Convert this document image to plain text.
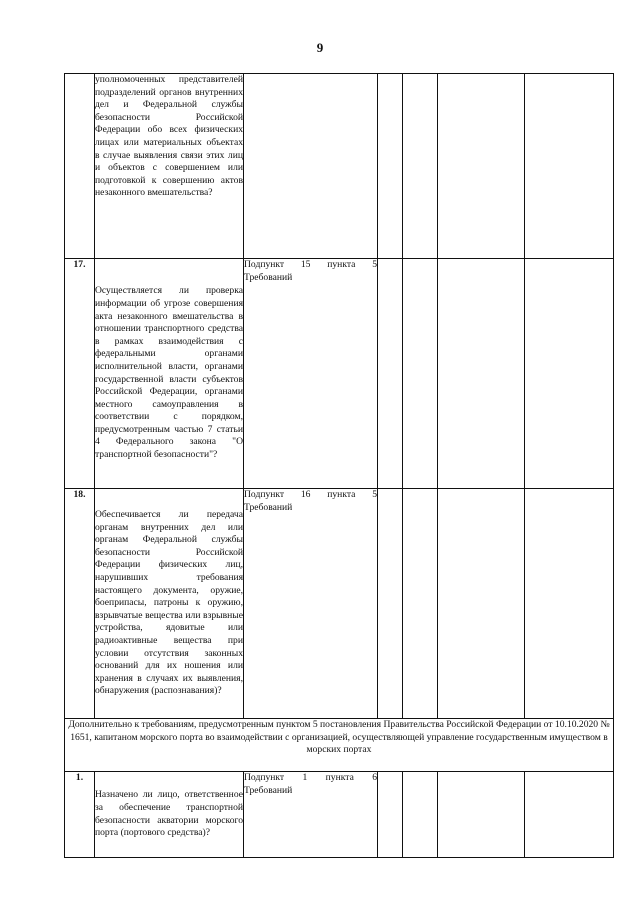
9

	уполномоченных представителей подразделений органов внутренних дел и Федеральной службы безопасности Российской Федерации обо всех физических лицах или материальных объектах в случае выявления связи этих лиц и объектов с совершением или подготовкой к совершению актов незаконного вмешательства?					

17.	Осуществляется ли проверка информации об угрозе совершения акта незаконного вмешательства в отношении транспортного средства в рамках взаимодействия с федеральными органами исполнительной власти, органами государственной власти субъектов Российской Федерации, органами местного самоуправления в соответствии с порядком, предусмотренным частью 7 статьи 4 Федерального закона "О транспортной безопасности"?	Подпункт 15 пункта 5 Требований				
18.	Обеспечивается ли передача органам внутренних дел или органам Федеральной службы безопасности Российской Федерации физических лиц, нарушивших требования настоящего документа, оружие, боеприпасы, патроны к оружию, взрывчатые вещества или взрывные устройства, ядовитые или радиоактивные вещества при условии отсутствия законных оснований для их ношения или хранения в случаях их выявления, обнаружения (распознавания)?	Подпункт 16 пункта 5 Требований				
Дополнительно к требованиям, предусмотренным пунктом 5 постановления Правительства Российской Федерации от 10.10.2020 № 1651, капитаном морского порта во взаимодействии с организацией, осуществляющей управление государственным имуществом в морских портах						
1.	Назначено ли лицо, ответственное за обеспечение транспортной безопасности акватории морского порта (портового средства)?	Подпункт 1 пункта 6 Требований				
